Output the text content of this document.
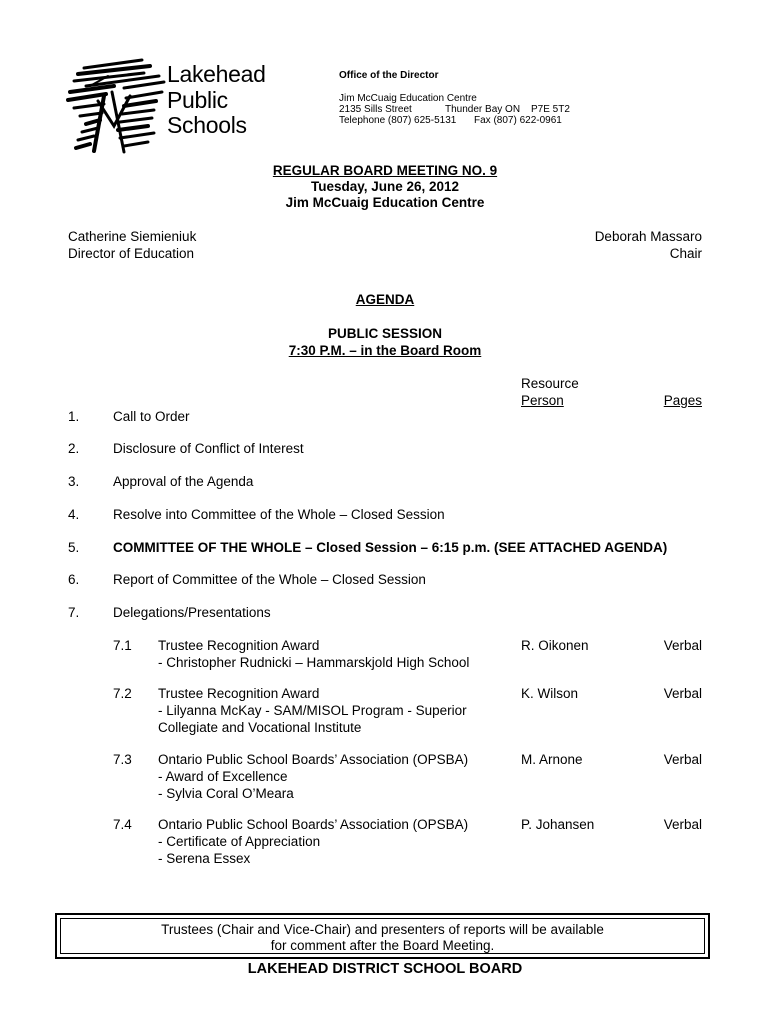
Lakehead
Public
Schools
Office of the Director
Jim McCuaig Education Centre
2135 Sills Street	Thunder Bay ON P7E 5T2
Telephone (807) 625-5131 Fax (807) 622-0961
REGULAR BOARD MEETING NO. 9
Tuesday, June 26, 2012
Jim McCuaig Education Centre
Catherine Siemieniuk
Director of Education
Deborah Massaro
Chair
AGENDA
PUBLIC SESSION
7:30 P.M. – in the Board Room
Resource
Person	Pages
1. Call to Order
2. Disclosure of Conflict of Interest
3. Approval of the Agenda
4. Resolve into Committee of the Whole – Closed Session
5. COMMITTEE OF THE WHOLE – Closed Session – 6:15 p.m. (SEE ATTACHED AGENDA)
6. Report of Committee of the Whole – Closed Session
7. Delegations/Presentations
7.1 Trustee Recognition Award
- Christopher Rudnicki – Hammarskjold High School
R. Oikonen	Verbal
7.2 Trustee Recognition Award
- Lilyanna McKay - SAM/MISOL Program - Superior
Collegiate and Vocational Institute
K. Wilson	Verbal
7.3 Ontario Public School Boards’ Association (OPSBA)
- Award of Excellence
- Sylvia Coral O’Meara
M. Arnone	Verbal
7.4 Ontario Public School Boards’ Association (OPSBA)
- Certificate of Appreciation
- Serena Essex
P. Johansen	Verbal
Trustees (Chair and Vice-Chair) and presenters of reports will be available
for comment after the Board Meeting.
LAKEHEAD DISTRICT SCHOOL BOARD
